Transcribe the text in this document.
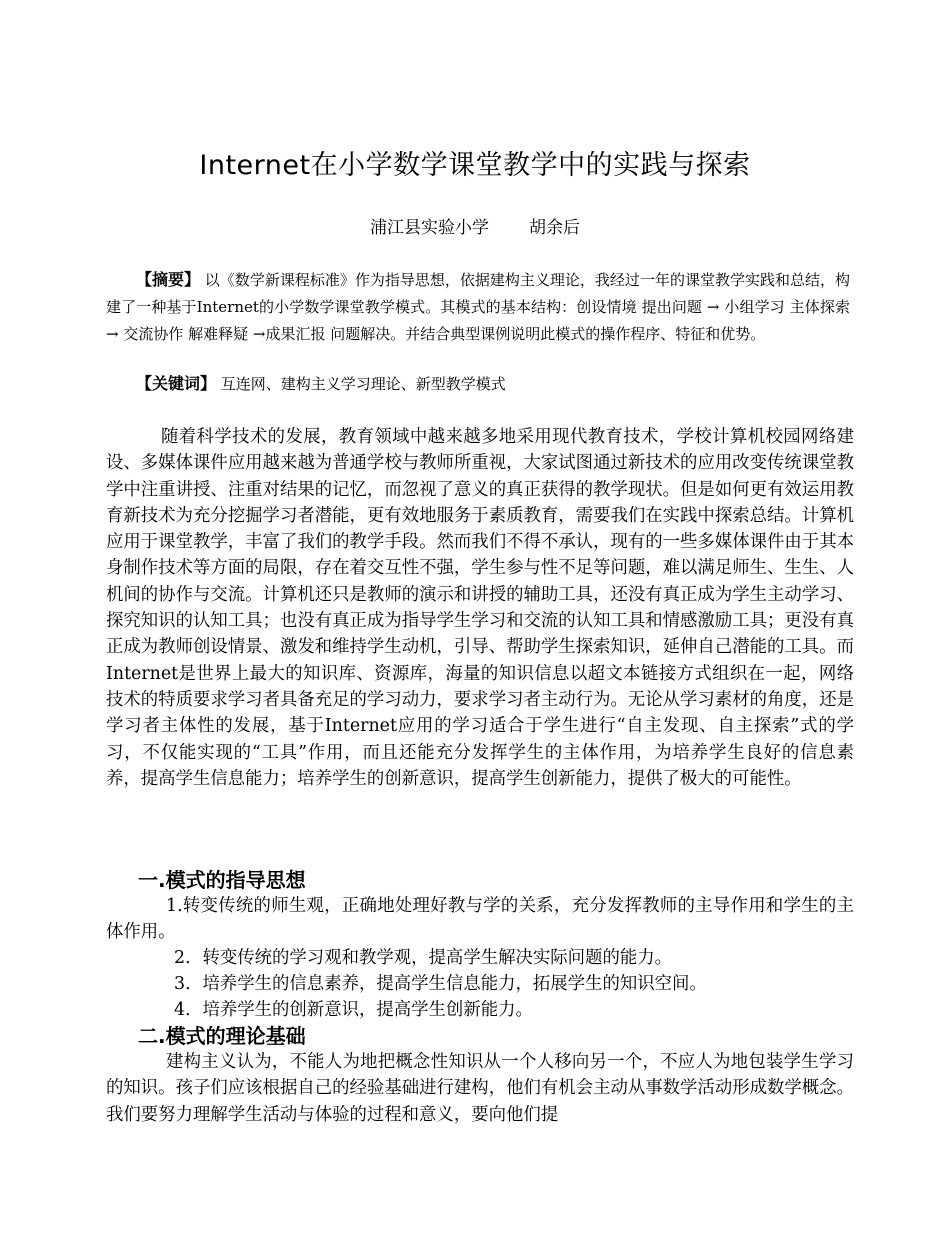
Internet在小学数学课堂教学中的实践与探索
浦江县实验小学 胡余后
【摘要】 以《数学新课程标准》作为指导思想，依据建构主义理论，我经过一年的课堂教学实践和总结，构建了一种基于Internet的小学数学课堂教学模式。其模式的基本结构：创设情境 提出问题 → 小组学习 主体探索 → 交流协作 解难释疑 →成果汇报 问题解决。并结合典型课例说明此模式的操作程序、特征和优势。
【关键词】 互连网、建构主义学习理论、新型教学模式
随着科学技术的发展，教育领域中越来越多地采用现代教育技术，学校计算机校园网络建设、多媒体课件应用越来越为普通学校与教师所重视，大家试图通过新技术的应用改变传统课堂教学中注重讲授、注重对结果的记忆，而忽视了意义的真正获得的教学现状。但是如何更有效运用教育新技术为充分挖掘学习者潜能，更有效地服务于素质教育，需要我们在实践中探索总结。计算机应用于课堂教学，丰富了我们的教学手段。然而我们不得不承认，现有的一些多媒体课件由于其本身制作技术等方面的局限，存在着交互性不强，学生参与性不足等问题，难以满足师生、生生、人机间的协作与交流。计算机还只是教师的演示和讲授的辅助工具，还没有真正成为学生主动学习、探究知识的认知工具；也没有真正成为指导学生学习和交流的认知工具和情感激励工具；更没有真正成为教师创设情景、激发和维持学生动机，引导、帮助学生探索知识，延伸自己潜能的工具。而Internet是世界上最大的知识库、资源库，海量的知识信息以超文本链接方式组织在一起，网络技术的特质要求学习者具备充足的学习动力，要求学习者主动行为。无论从学习素材的角度，还是学习者主体性的发展，基于Internet应用的学习适合于学生进行“自主发现、自主探索”式的学习，不仅能实现的“工具”作用，而且还能充分发挥学生的主体作用，为培养学生良好的信息素养，提高学生信息能力；培养学生的创新意识，提高学生创新能力，提供了极大的可能性。
一.模式的指导思想
1.转变传统的师生观，正确地处理好教与学的关系，充分发挥教师的主导作用和学生的主体作用。
2．转变传统的学习观和教学观，提高学生解决实际问题的能力。
3．培养学生的信息素养，提高学生信息能力，拓展学生的知识空间。
4．培养学生的创新意识，提高学生创新能力。
二.模式的理论基础
建构主义认为，不能人为地把概念性知识从一个人移向另一个，不应人为地包装学生学习的知识。孩子们应该根据自己的经验基础进行建构，他们有机会主动从事数学活动形成数学概念。我们要努力理解学生活动与体验的过程和意义，要向他们提
